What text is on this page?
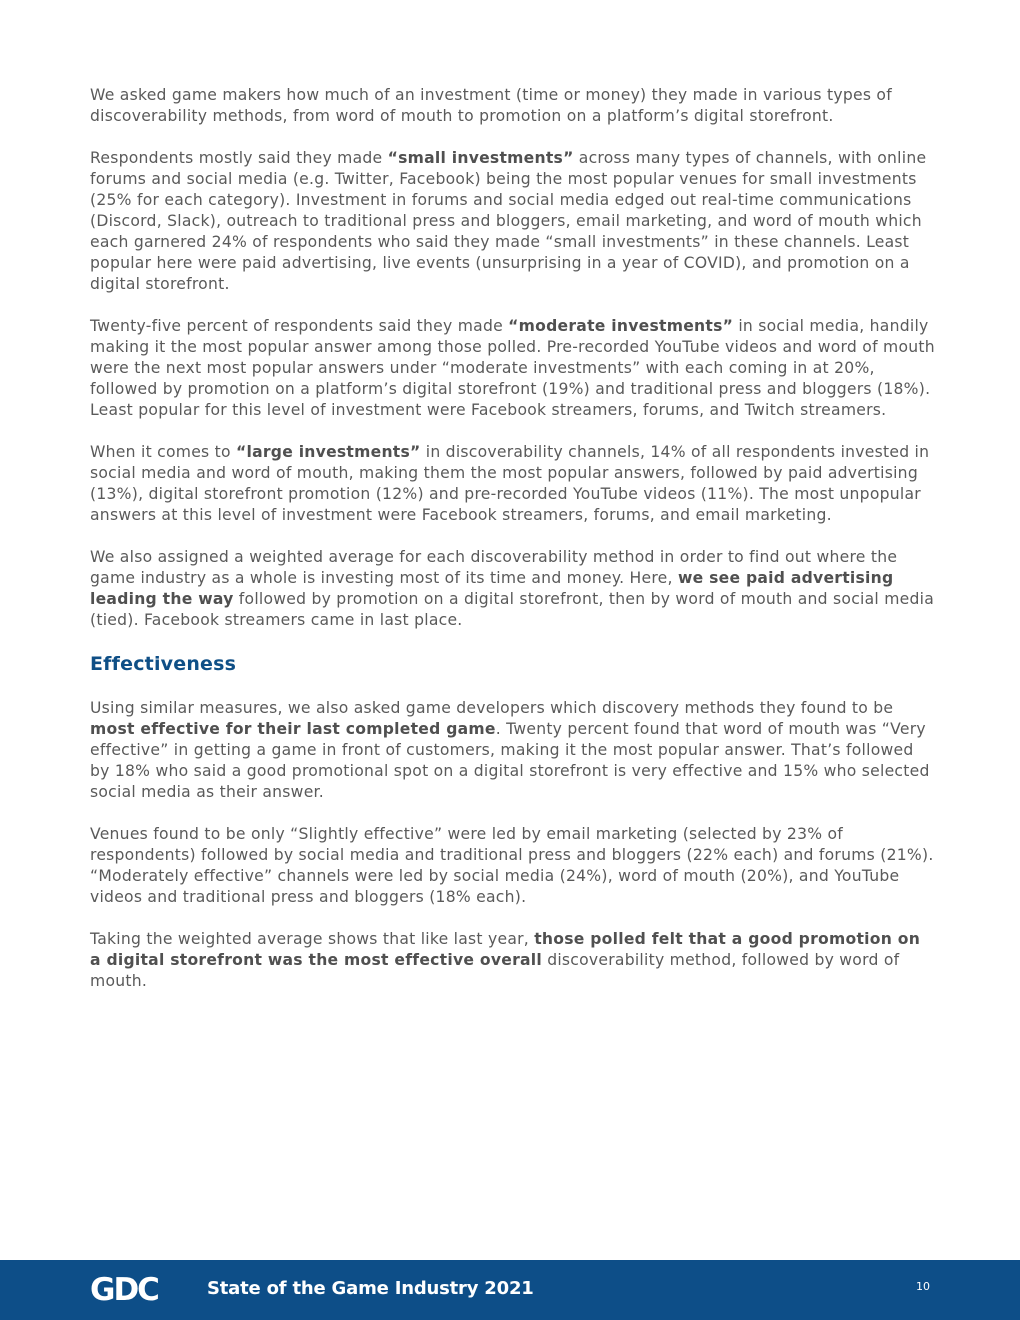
We asked game makers how much of an investment (time or money) they made in various types of discoverability methods, from word of mouth to promotion on a platform’s digital storefront.

Respondents mostly said they made “small investments” across many types of channels, with online forums and social media (e.g. Twitter, Facebook) being the most popular venues for small investments (25% for each category). Investment in forums and social media edged out real-time communications (Discord, Slack), outreach to traditional press and bloggers, email marketing, and word of mouth which each garnered 24% of respondents who said they made “small investments” in these channels. Least popular here were paid advertising, live events (unsurprising in a year of COVID), and promotion on a digital storefront.

Twenty-five percent of respondents said they made “moderate investments” in social media, handily making it the most popular answer among those polled. Pre-recorded YouTube videos and word of mouth were the next most popular answers under “moderate investments” with each coming in at 20%, followed by promotion on a platform’s digital storefront (19%) and traditional press and bloggers (18%). Least popular for this level of investment were Facebook streamers, forums, and Twitch streamers.

When it comes to “large investments” in discoverability channels, 14% of all respondents invested in social media and word of mouth, making them the most popular answers, followed by paid advertising (13%), digital storefront promotion (12%) and pre-recorded YouTube videos (11%). The most unpopular answers at this level of investment were Facebook streamers, forums, and email marketing.

We also assigned a weighted average for each discoverability method in order to find out where the game industry as a whole is investing most of its time and money. Here, we see paid advertising leading the way followed by promotion on a digital storefront, then by word of mouth and social media (tied). Facebook streamers came in last place.

Effectiveness

Using similar measures, we also asked game developers which discovery methods they found to be most effective for their last completed game. Twenty percent found that word of mouth was “Very effective” in getting a game in front of customers, making it the most popular answer. That’s followed by 18% who said a good promotional spot on a digital storefront is very effective and 15% who selected social media as their answer.

Venues found to be only “Slightly effective” were led by email marketing (selected by 23% of respondents) followed by social media and traditional press and bloggers (22% each) and forums (21%). “Moderately effective” channels were led by social media (24%), word of mouth (20%), and YouTube videos and traditional press and bloggers (18% each).

Taking the weighted average shows that like last year, those polled felt that a good promotion on a digital storefront was the most effective overall discoverability method, followed by word of mouth.

GDC	State of the Game Industry 2021	10
